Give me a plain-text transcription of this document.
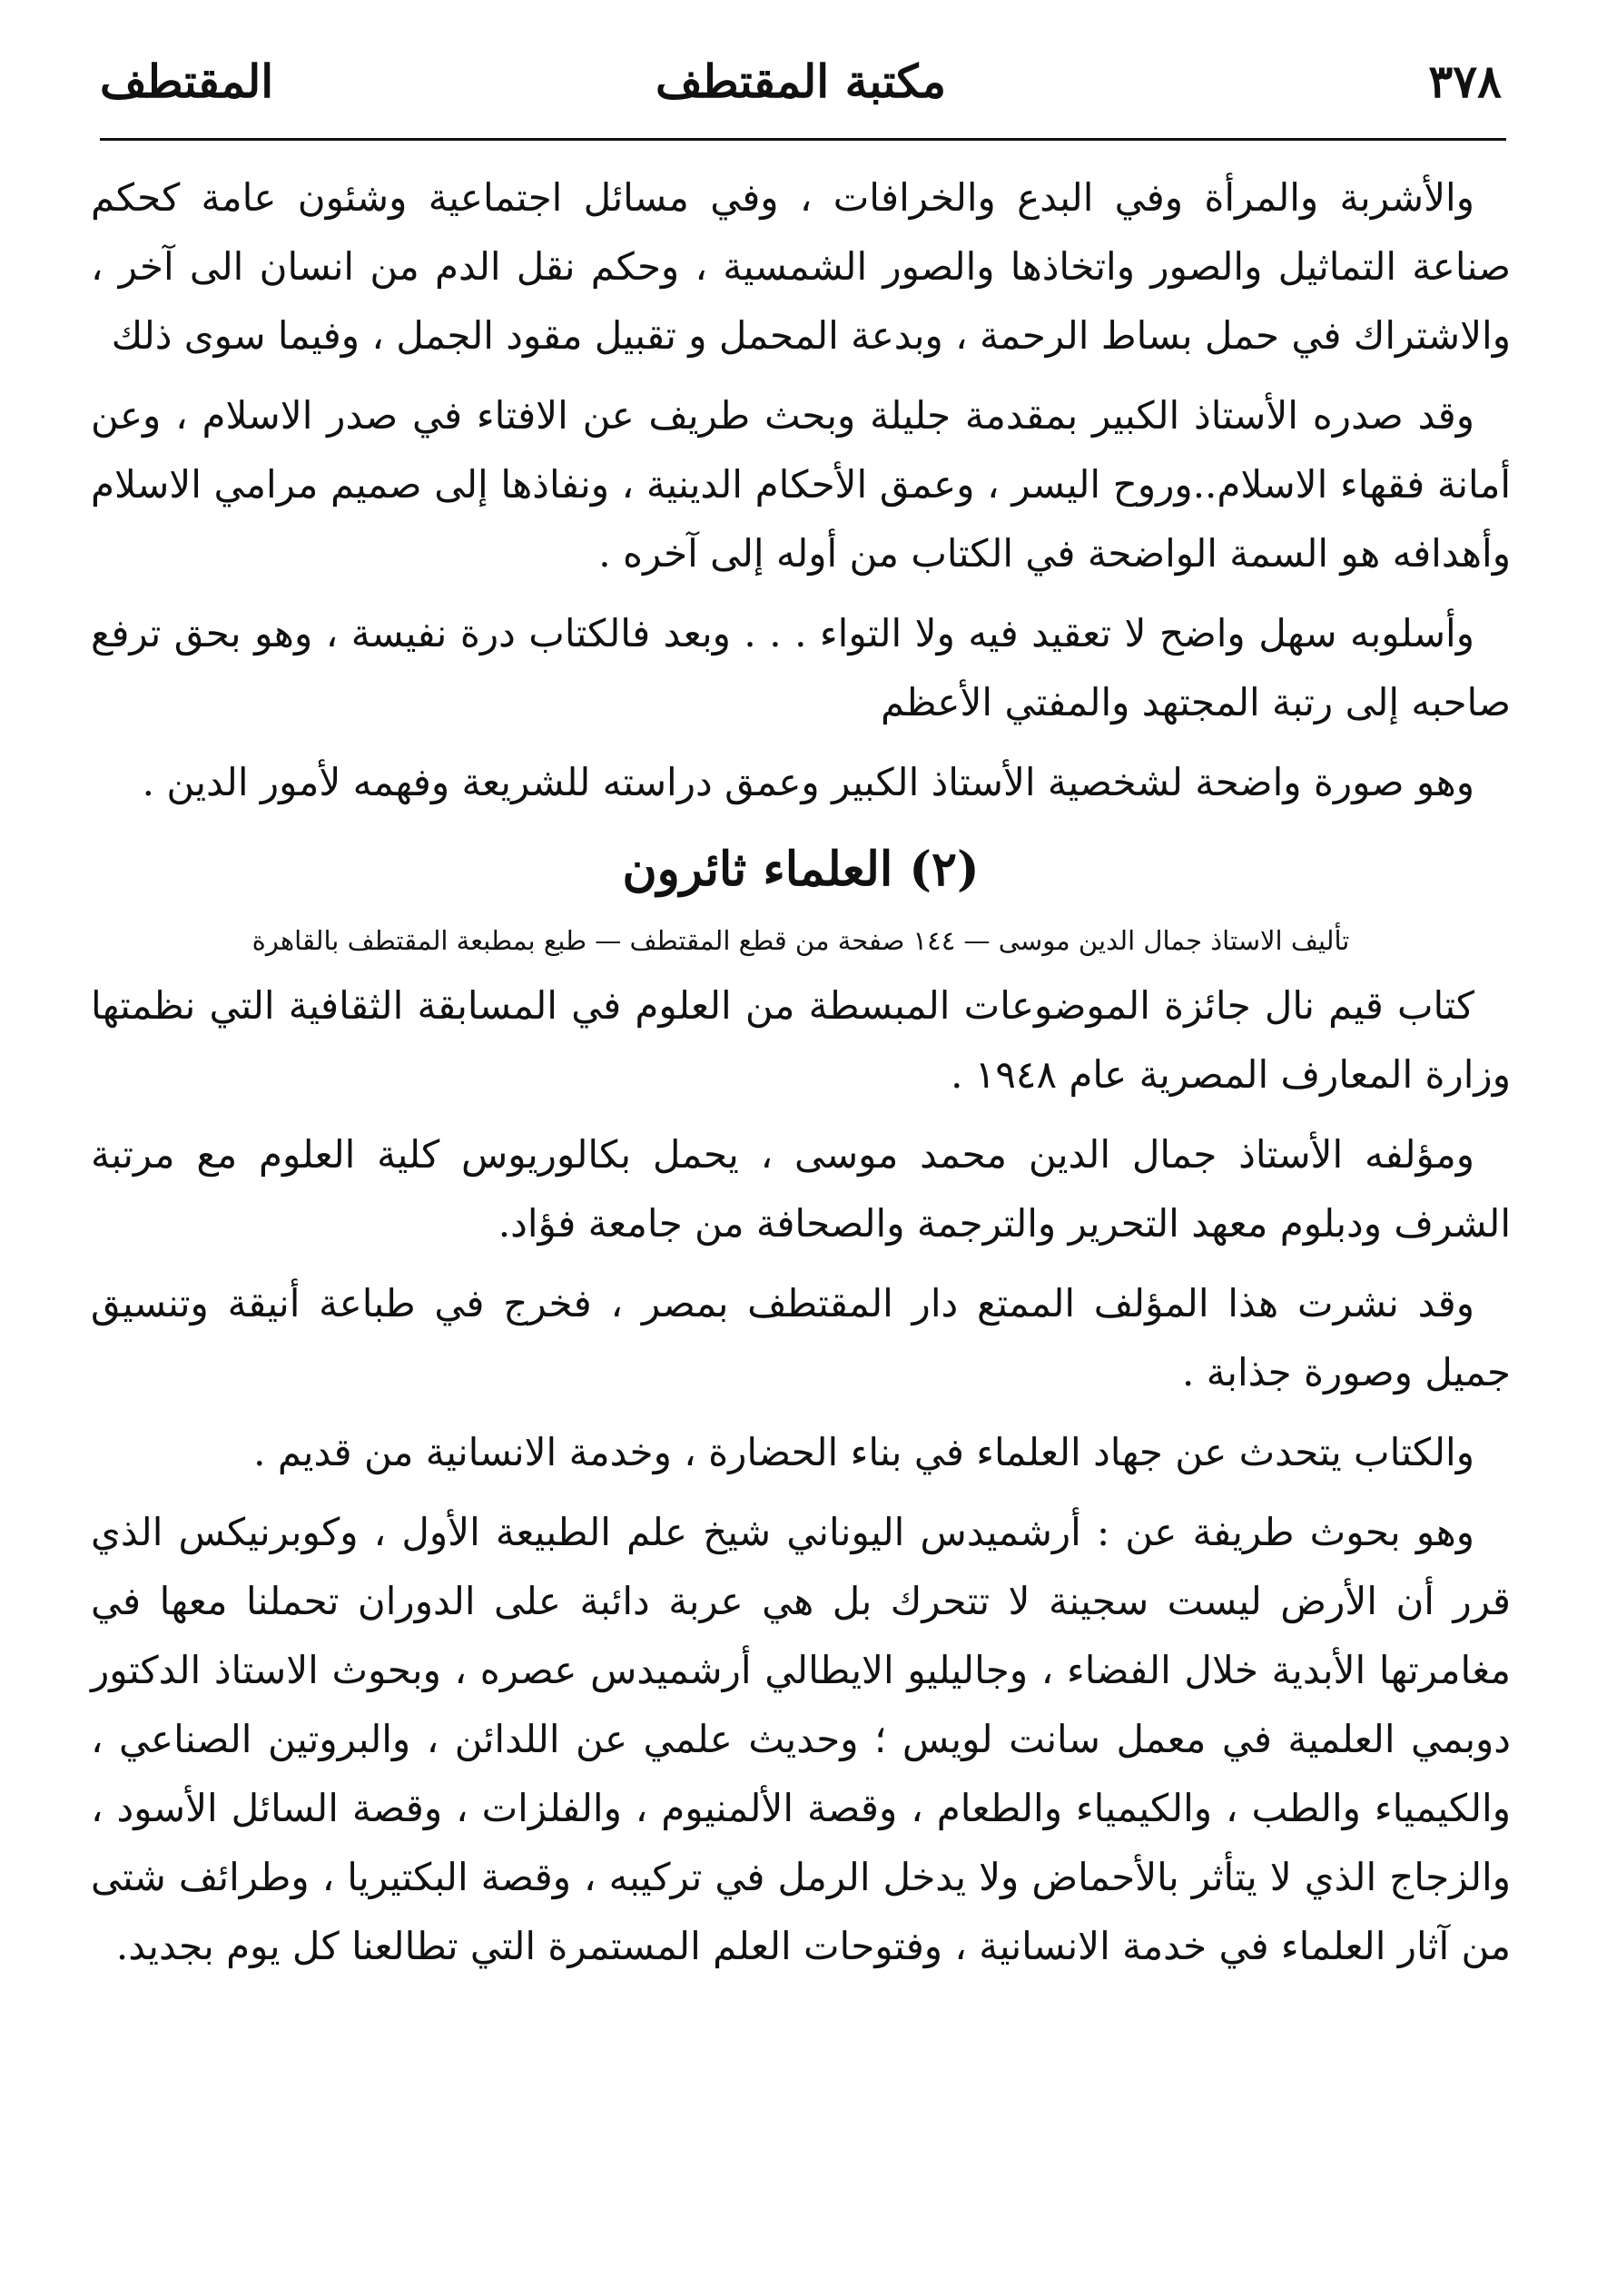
٣٧٨
مكتبة المقتطف
المقتطف

والأشربة والمرأة وفي البدع والخرافات ، وفي مسائل اجتماعية وشئون عامة كحكم صناعة التماثيل والصور واتخاذها والصور الشمسية ، وحكم نقل الدم من انسان الى آخر ، والاشتراك في حمل بساط الرحمة ، وبدعة المحمل و تقبيل مقود الجمل ، وفيما سوى ذلك

وقد صدره الأستاذ الكبير بمقدمة جليلة وبحث طريف عن الافتاء في صدر الاسلام ، وعن أمانة فقهاء الاسلام..وروح اليسر ، وعمق الأحكام الدينية ، ونفاذها إلى صميم مرامي الاسلام وأهدافه هو السمة الواضحة في الكتاب من أوله إلى آخره .

وأسلوبه سهل واضح لا تعقيد فيه ولا التواء . . . وبعد فالكتاب درة نفيسة ، وهو بحق ترفع صاحبه إلى رتبة المجتهد والمفتي الأعظم

وهو صورة واضحة لشخصية الأستاذ الكبير وعمق دراسته للشريعة وفهمه لأمور الدين .

(٢) العلماء ثائرون
تأليف الاستاذ جمال الدين موسى — ١٤٤ صفحة من قطع المقتطف — طبع بمطبعة المقتطف بالقاهرة

كتاب قيم نال جائزة الموضوعات المبسطة من العلوم في المسابقة الثقافية التي نظمتها وزارة المعارف المصرية عام ١٩٤٨ .

ومؤلفه الأستاذ جمال الدين محمد موسى ، يحمل بكالوريوس كلية العلوم مع مرتبة الشرف ودبلوم معهد التحرير والترجمة والصحافة من جامعة فؤاد.

وقد نشرت هذا المؤلف الممتع دار المقتطف بمصر ، فخرج في طباعة أنيقة وتنسيق جميل وصورة جذابة .

والكتاب يتحدث عن جهاد العلماء في بناء الحضارة ، وخدمة الانسانية من قديم .

وهو بحوث طريفة عن : أرشميدس اليوناني شيخ علم الطبيعة الأول ، وكوبرنيكس الذي قرر أن الأرض ليست سجينة لا تتحرك بل هي عربة دائبة على الدوران تحملنا معها في مغامرتها الأبدية خلال الفضاء ، وجاليليو الايطالي أرشميدس عصره ، وبحوث الاستاذ الدكتور دوبمي العلمية في معمل سانت لويس ؛ وحديث علمي عن اللدائن ، والبروتين الصناعي ، والكيمياء والطب ، والكيمياء والطعام ، وقصة الألمنيوم ، والفلزات ، وقصة السائل الأسود ، والزجاج الذي لا يتأثر بالأحماض ولا يدخل الرمل في تركيبه ، وقصة البكتيريا ، وطرائف شتى من آثار العلماء في خدمة الانسانية ، وفتوحات العلم المستمرة التي تطالعنا كل يوم بجديد.
